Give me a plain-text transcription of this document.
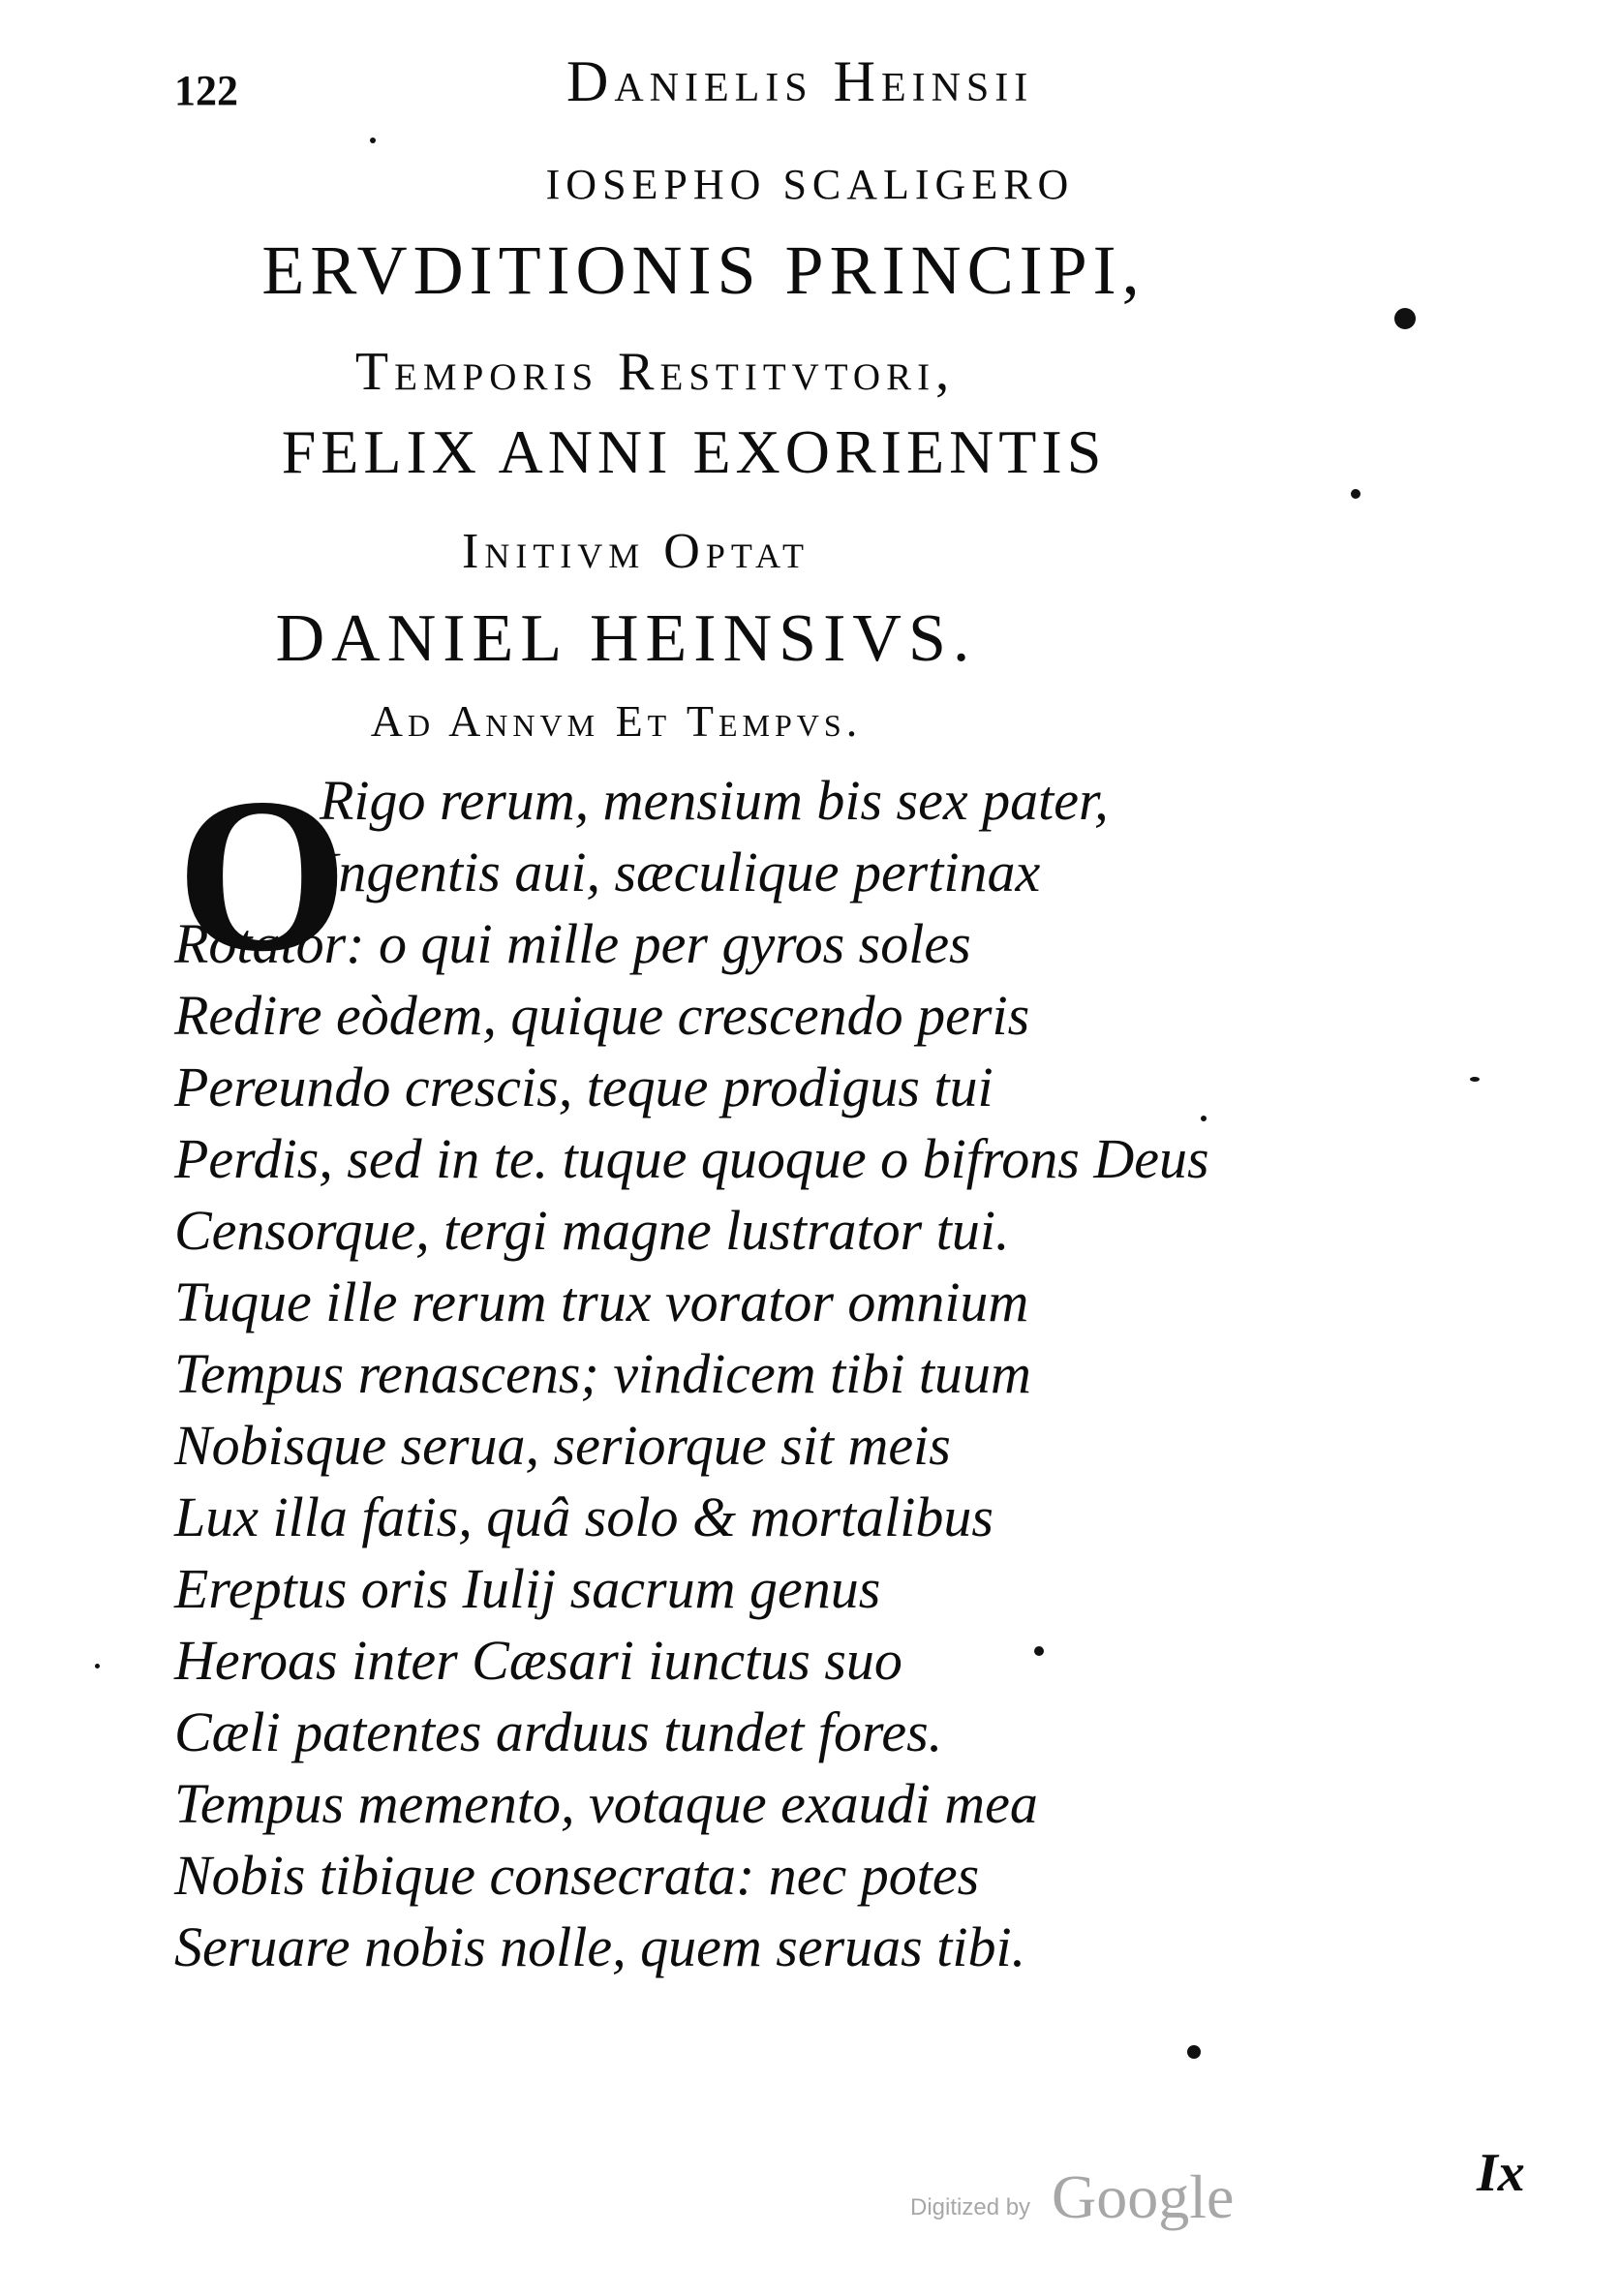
122	Danielis Heinsii
IOSEPHO SCALIGERO
ERVDITIONIS PRINCIPI,
Temporis Restitvtori,
FELIX ANNI EXORIENTIS
Initivm Optat
DANIEL HEINSIVS.
Ad Annvm Et Tempvs.
O
Rigo rerum, mensium bis sex pater,
Ingentis aui, sæculique pertinax
Rotator: o qui mille per gyros soles
Redire eòdem, quique crescendo peris
Pereundo crescis, teque prodigus tui
Perdis, sed in te. tuque quoque o bifrons Deus
Censorque, tergi magne lustrator tui.
Tuque ille rerum trux vorator omnium
Tempus renascens; vindicem tibi tuum
Nobisque serua, seriorque sit meis
Lux illa fatis, quâ solo & mortalibus
Ereptus oris Iulij sacrum genus
Heroas inter Cæsari iunctus suo
Cæli patentes arduus tundet fores.
Tempus memento, votaque exaudi mea
Nobis tibique consecrata: nec potes
Seruare nobis nolle, quem seruas tibi.
Ix
Digitized by Google
